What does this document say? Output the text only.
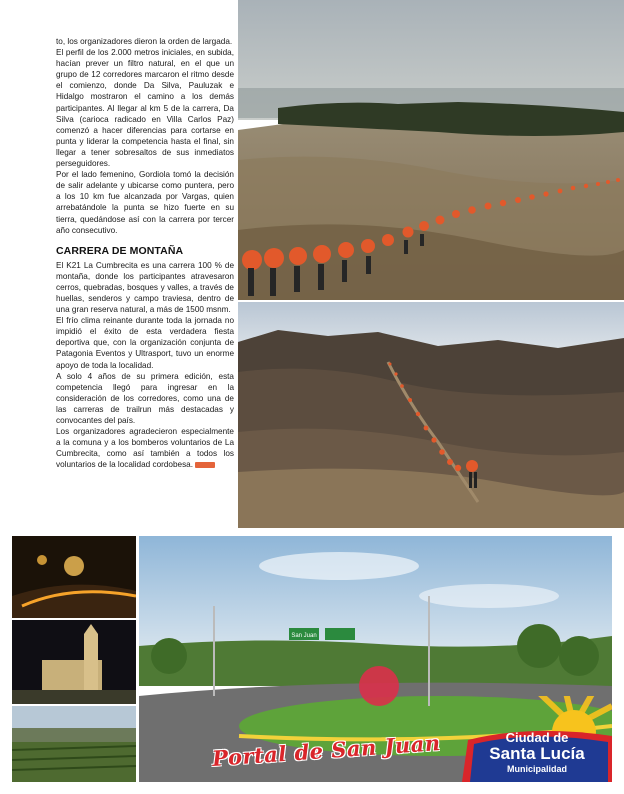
to, los organizadores dieron la orden de largada.

El perfil de los 2.000 metros iniciales, en subida, hacían prever un filtro natural, en el que un grupo de 12 corredores marcaron el ritmo desde el comienzo, donde Da Silva, Pauluzak e Hidalgo mostraron el camino a los demás participantes. Al llegar al km 5 de la carrera, Da Silva (carioca radicado en Villa Carlos Paz) comenzó a hacer diferencias para cortarse en punta y liderar la competencia hasta el final, sin llegar a tener sobresaltos de sus inmediatos perseguidores.

Por el lado femenino, Gordiola tomó la decisión de salir adelante y ubicarse como puntera, pero a los 10 km fue alcanzada por Vargas, quien arrebatándole la punta se hizo fuerte en su tierra, quedándose así con la carrera por tercer año consecutivo.

CARRERA DE MONTAÑA

El K21 La Cumbrecita es una carrera 100 % de montaña, donde los participantes atravesaron cerros, quebradas, bosques y valles, a través de huellas, senderos y campo traviesa, dentro de una gran reserva natural, a más de 1500 msnm.

El frío clima reinante durante toda la jornada no impidió el éxito de esta verdadera fiesta deportiva que, con la organización conjunta de Patagonia Eventos y Ultrasport, tuvo un enorme apoyo de toda la localidad.

A solo 4 años de su primera edición, esta competencia llegó para ingresar en la consideración de los corredores, como una de las carreras de trailrun más destacadas y convocantes del país.

Los organizadores agradecieron especialmente a la comuna y a los bomberos voluntarios de La Cumbrecita, como así también a todos los voluntarios de la localidad cordobesa.

San Juan
Portal de San Juan	Ciudad de
Santa Lucía
Municipalidad
